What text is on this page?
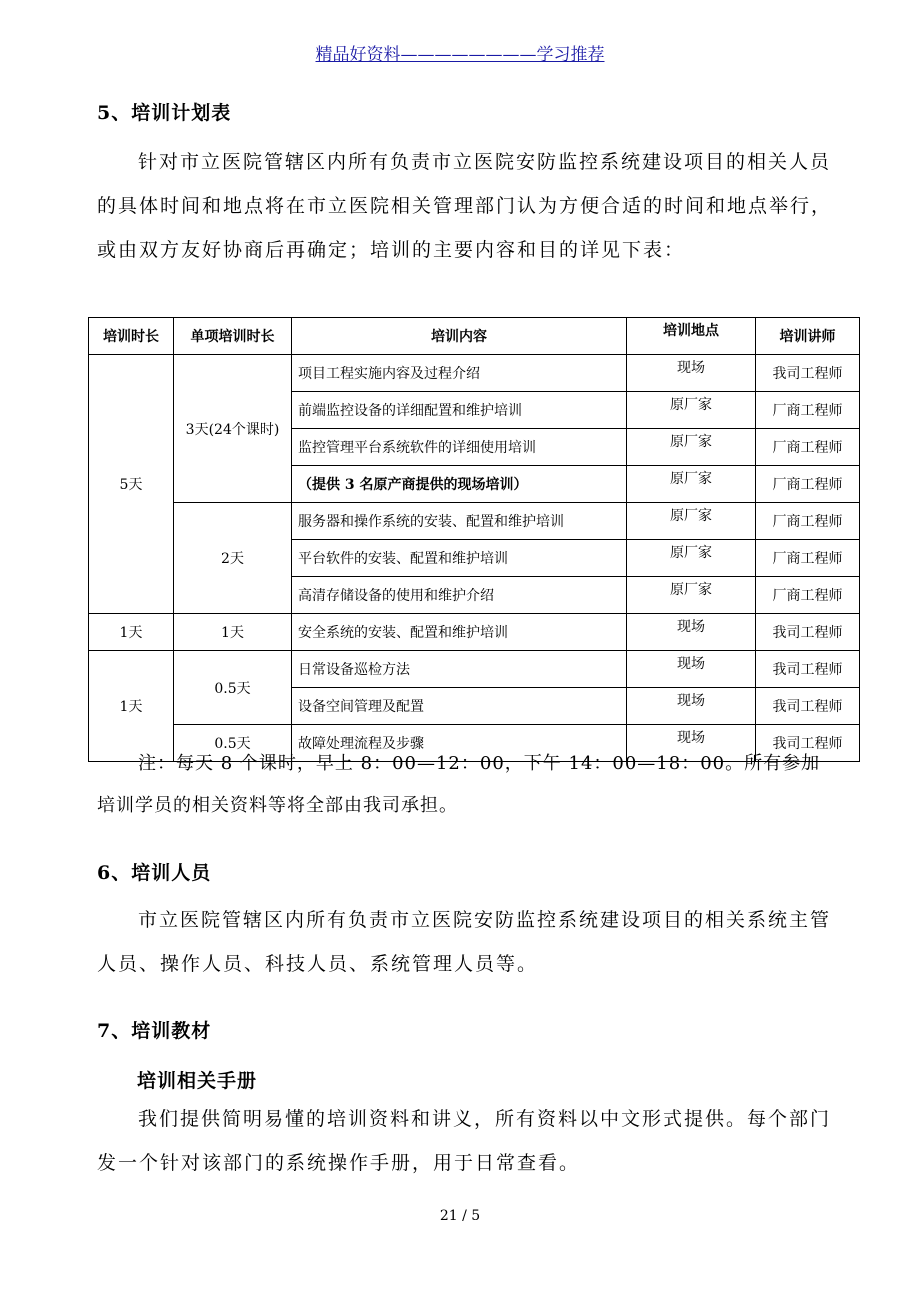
精品好资料————————学习推荐
5、培训计划表
针对市立医院管辖区内所有负责市立医院安防监控系统建设项目的相关人员的具体时间和地点将在市立医院相关管理部门认为方便合适的时间和地点举行，或由双方友好协商后再确定；培训的主要内容和目的详见下表：
培训时长	单项培训时长	培训内容	培训地点	培训讲师
5天	3天(24个课时)	项目工程实施内容及过程介绍	现场	我司工程师
		前端监控设备的详细配置和维护培训	原厂家	厂商工程师
		监控管理平台系统软件的详细使用培训	原厂家	厂商工程师
		（提供 3 名原产商提供的现场培训）	原厂家	厂商工程师
	2天	服务器和操作系统的安装、配置和维护培训	原厂家	厂商工程师
		平台软件的安装、配置和维护培训	原厂家	厂商工程师
		高清存储设备的使用和维护介绍	原厂家	厂商工程师
1天	1天	安全系统的安装、配置和维护培训	现场	我司工程师
1天	0.5天	日常设备巡检方法	现场	我司工程师
		设备空间管理及配置	现场	我司工程师
	0.5天	故障处理流程及步骤	现场	我司工程师
注：每天 8 个课时，早上 8：00—12：00，下午 14：00—18：00。所有参加培训学员的相关资料等将全部由我司承担。
6、培训人员
市立医院管辖区内所有负责市立医院安防监控系统建设项目的相关系统主管人员、操作人员、科技人员、系统管理人员等。
7、培训教材
培训相关手册
我们提供简明易懂的培训资料和讲义，所有资料以中文形式提供。每个部门发一个针对该部门的系统操作手册，用于日常查看。
21 / 5
